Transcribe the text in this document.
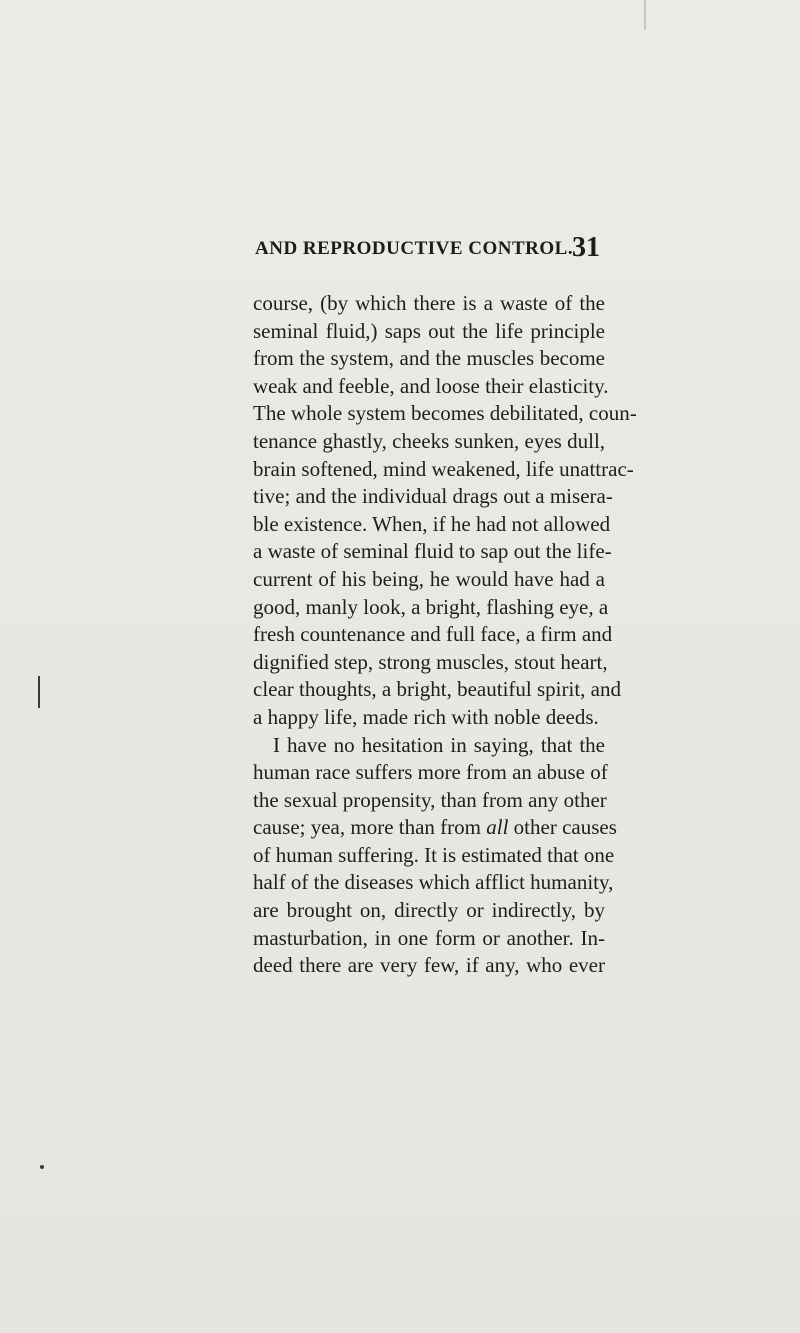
AND REPRODUCTIVE CONTROL.
31
course, (by which there is a waste of the
seminal fluid,) saps out the life principle
from the system, and the muscles become
weak and feeble, and loose their elasticity.
The whole system becomes debilitated, coun-
tenance ghastly, cheeks sunken, eyes dull,
brain softened, mind weakened, life unattrac-
tive; and the individual drags out a misera-
ble existence. When, if he had not allowed
a waste of seminal fluid to sap out the life-
current of his being, he would have had a
good, manly look, a bright, flashing eye, a
fresh countenance and full face, a firm and
dignified step, strong muscles, stout heart,
clear thoughts, a bright, beautiful spirit, and
a happy life, made rich with noble deeds.
I have no hesitation in saying, that the
human race suffers more from an abuse of
the sexual propensity, than from any other
cause; yea, more than from all other causes
of human suffering. It is estimated that one
half of the diseases which afflict humanity,
are brought on, directly or indirectly, by
masturbation, in one form or another. In-
deed there are very few, if any, who ever
